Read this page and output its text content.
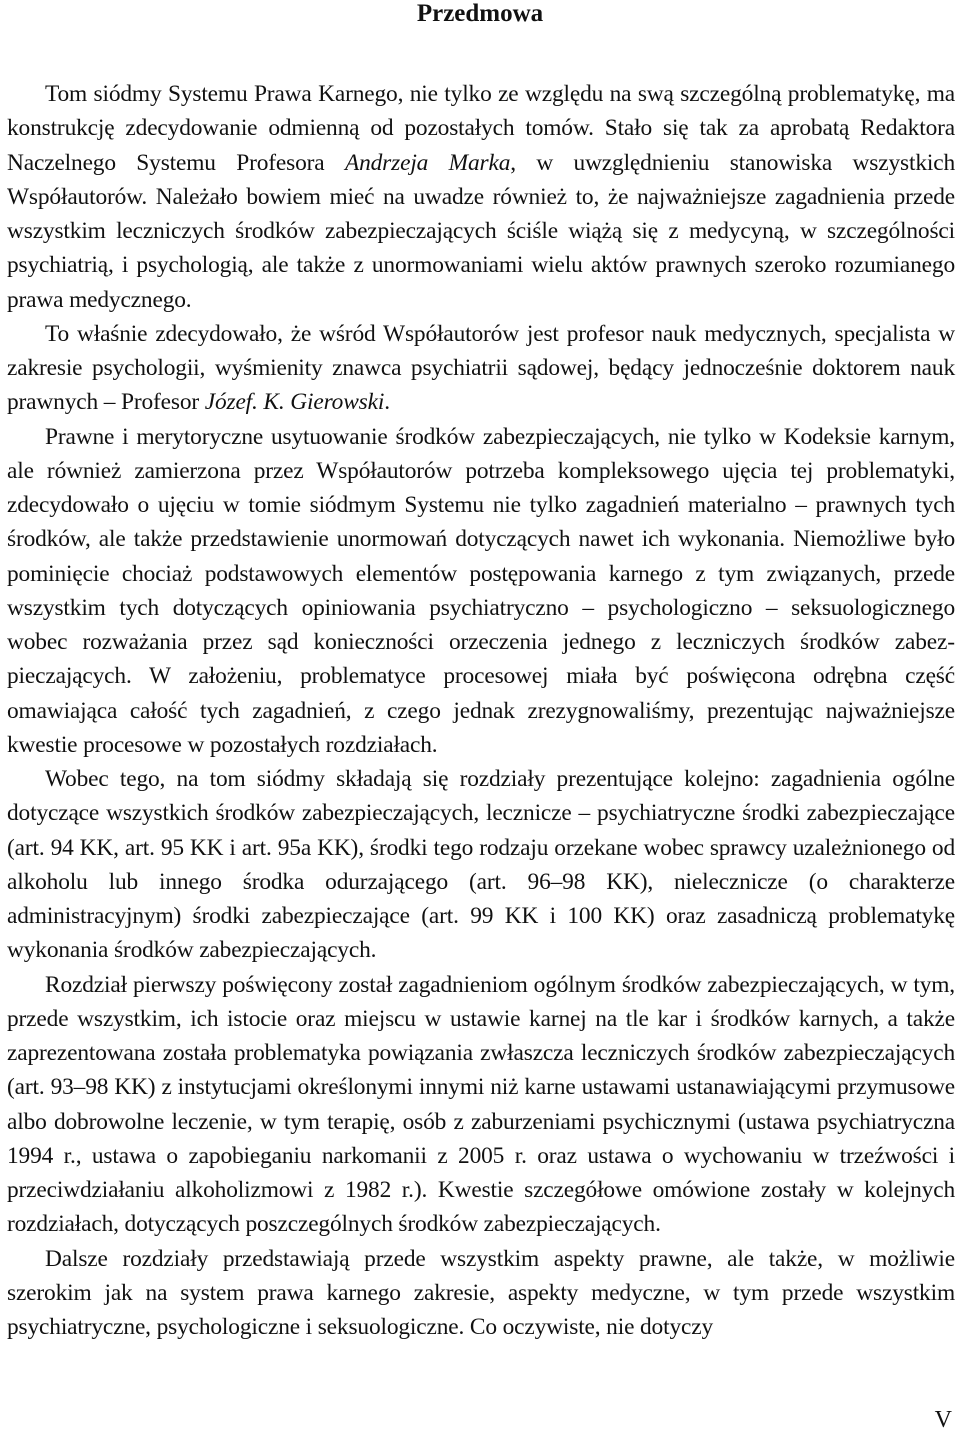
Przedmowa

Tom siódmy Systemu Prawa Karnego, nie tylko ze względu na swą szczególną problematykę, ma konstrukcję zdecydowanie odmienną od pozostałych tomów. Stało się tak za aprobatą Redaktora Naczelnego Systemu Profesora Andrzeja Marka, w uwzględnieniu stanowiska wszystkich Współautorów. Należało bowiem mieć na uwadze również to, że najważniejsze zagadnienia przede wszystkim leczniczych środków zabezpieczających ściśle wiążą się z medycyną, w szczególności psychiatrią, i psychologią, ale także z unormowaniami wielu aktów prawnych szeroko rozumianego prawa medycznego.

To właśnie zdecydowało, że wśród Współautorów jest profesor nauk medycznych, specjalista w zakresie psychologii, wyśmienity znawca psychiatrii sądowej, będący jednocześnie doktorem nauk prawnych – Profesor Józef. K. Gierowski.

Prawne i merytoryczne usytuowanie środków zabezpieczających, nie tylko w Kodeksie karnym, ale również zamierzona przez Współautorów potrzeba kompleksowego ujęcia tej problematyki, zdecydowało o ujęciu w tomie siódmym Systemu nie tylko zagadnień materialno – prawnych tych środków, ale także przedstawienie unormowań dotyczących nawet ich wykonania. Niemożliwe było pominięcie chociaż podstawowych elementów postępowania karnego z tym związanych, przede wszystkim tych dotyczących opiniowania psychiatryczno – psychologiczno – seksuologicznego wobec rozważania przez sąd konieczności orzeczenia jednego z leczniczych środków zabezpieczających. W założeniu, problematyce procesowej miała być poświęcona odrębna część omawiająca całość tych zagadnień, z czego jednak zrezygnowaliśmy, prezentując najważniejsze kwestie procesowe w pozostałych rozdziałach.

Wobec tego, na tom siódmy składają się rozdziały prezentujące kolejno: zagadnienia ogólne dotyczące wszystkich środków zabezpieczających, lecznicze – psychiatryczne środki zabezpieczające (art. 94 KK, art. 95 KK i art. 95a KK), środki tego rodzaju orzekane wobec sprawcy uzależnionego od alkoholu lub innego środka odurzającego (art. 96–98 KK), nielecznicze (o charakterze administracyjnym) środki zabezpieczające (art. 99 KK i 100 KK) oraz zasadniczą problematykę wykonania środków zabezpieczających.

Rozdział pierwszy poświęcony został zagadnieniom ogólnym środków zabezpieczających, w tym, przede wszystkim, ich istocie oraz miejscu w ustawie karnej na tle kar i środków karnych, a także zaprezentowana została problematyka powiązania zwłaszcza leczniczych środków zabezpieczających (art. 93–98 KK) z instytucjami określonymi innymi niż karne ustawami ustanawiającymi przymusowe albo dobrowolne leczenie, w tym terapię, osób z zaburzeniami psychicznymi (ustawa psychiatryczna 1994 r., ustawa o zapobieganiu narkomanii z 2005 r. oraz ustawa o wychowaniu w trzeźwości i przeciwdziałaniu alkoholizmowi z 1982 r.). Kwestie szczegółowe omówione zostały w kolejnych rozdziałach, dotyczących poszczególnych środków zabezpieczających.

Dalsze rozdziały przedstawiają przede wszystkim aspekty prawne, ale także, w możliwie szerokim jak na system prawa karnego zakresie, aspekty medyczne, w tym przede wszystkim psychiatryczne, psychologiczne i seksuologiczne. Co oczywiste, nie dotyczy

V
